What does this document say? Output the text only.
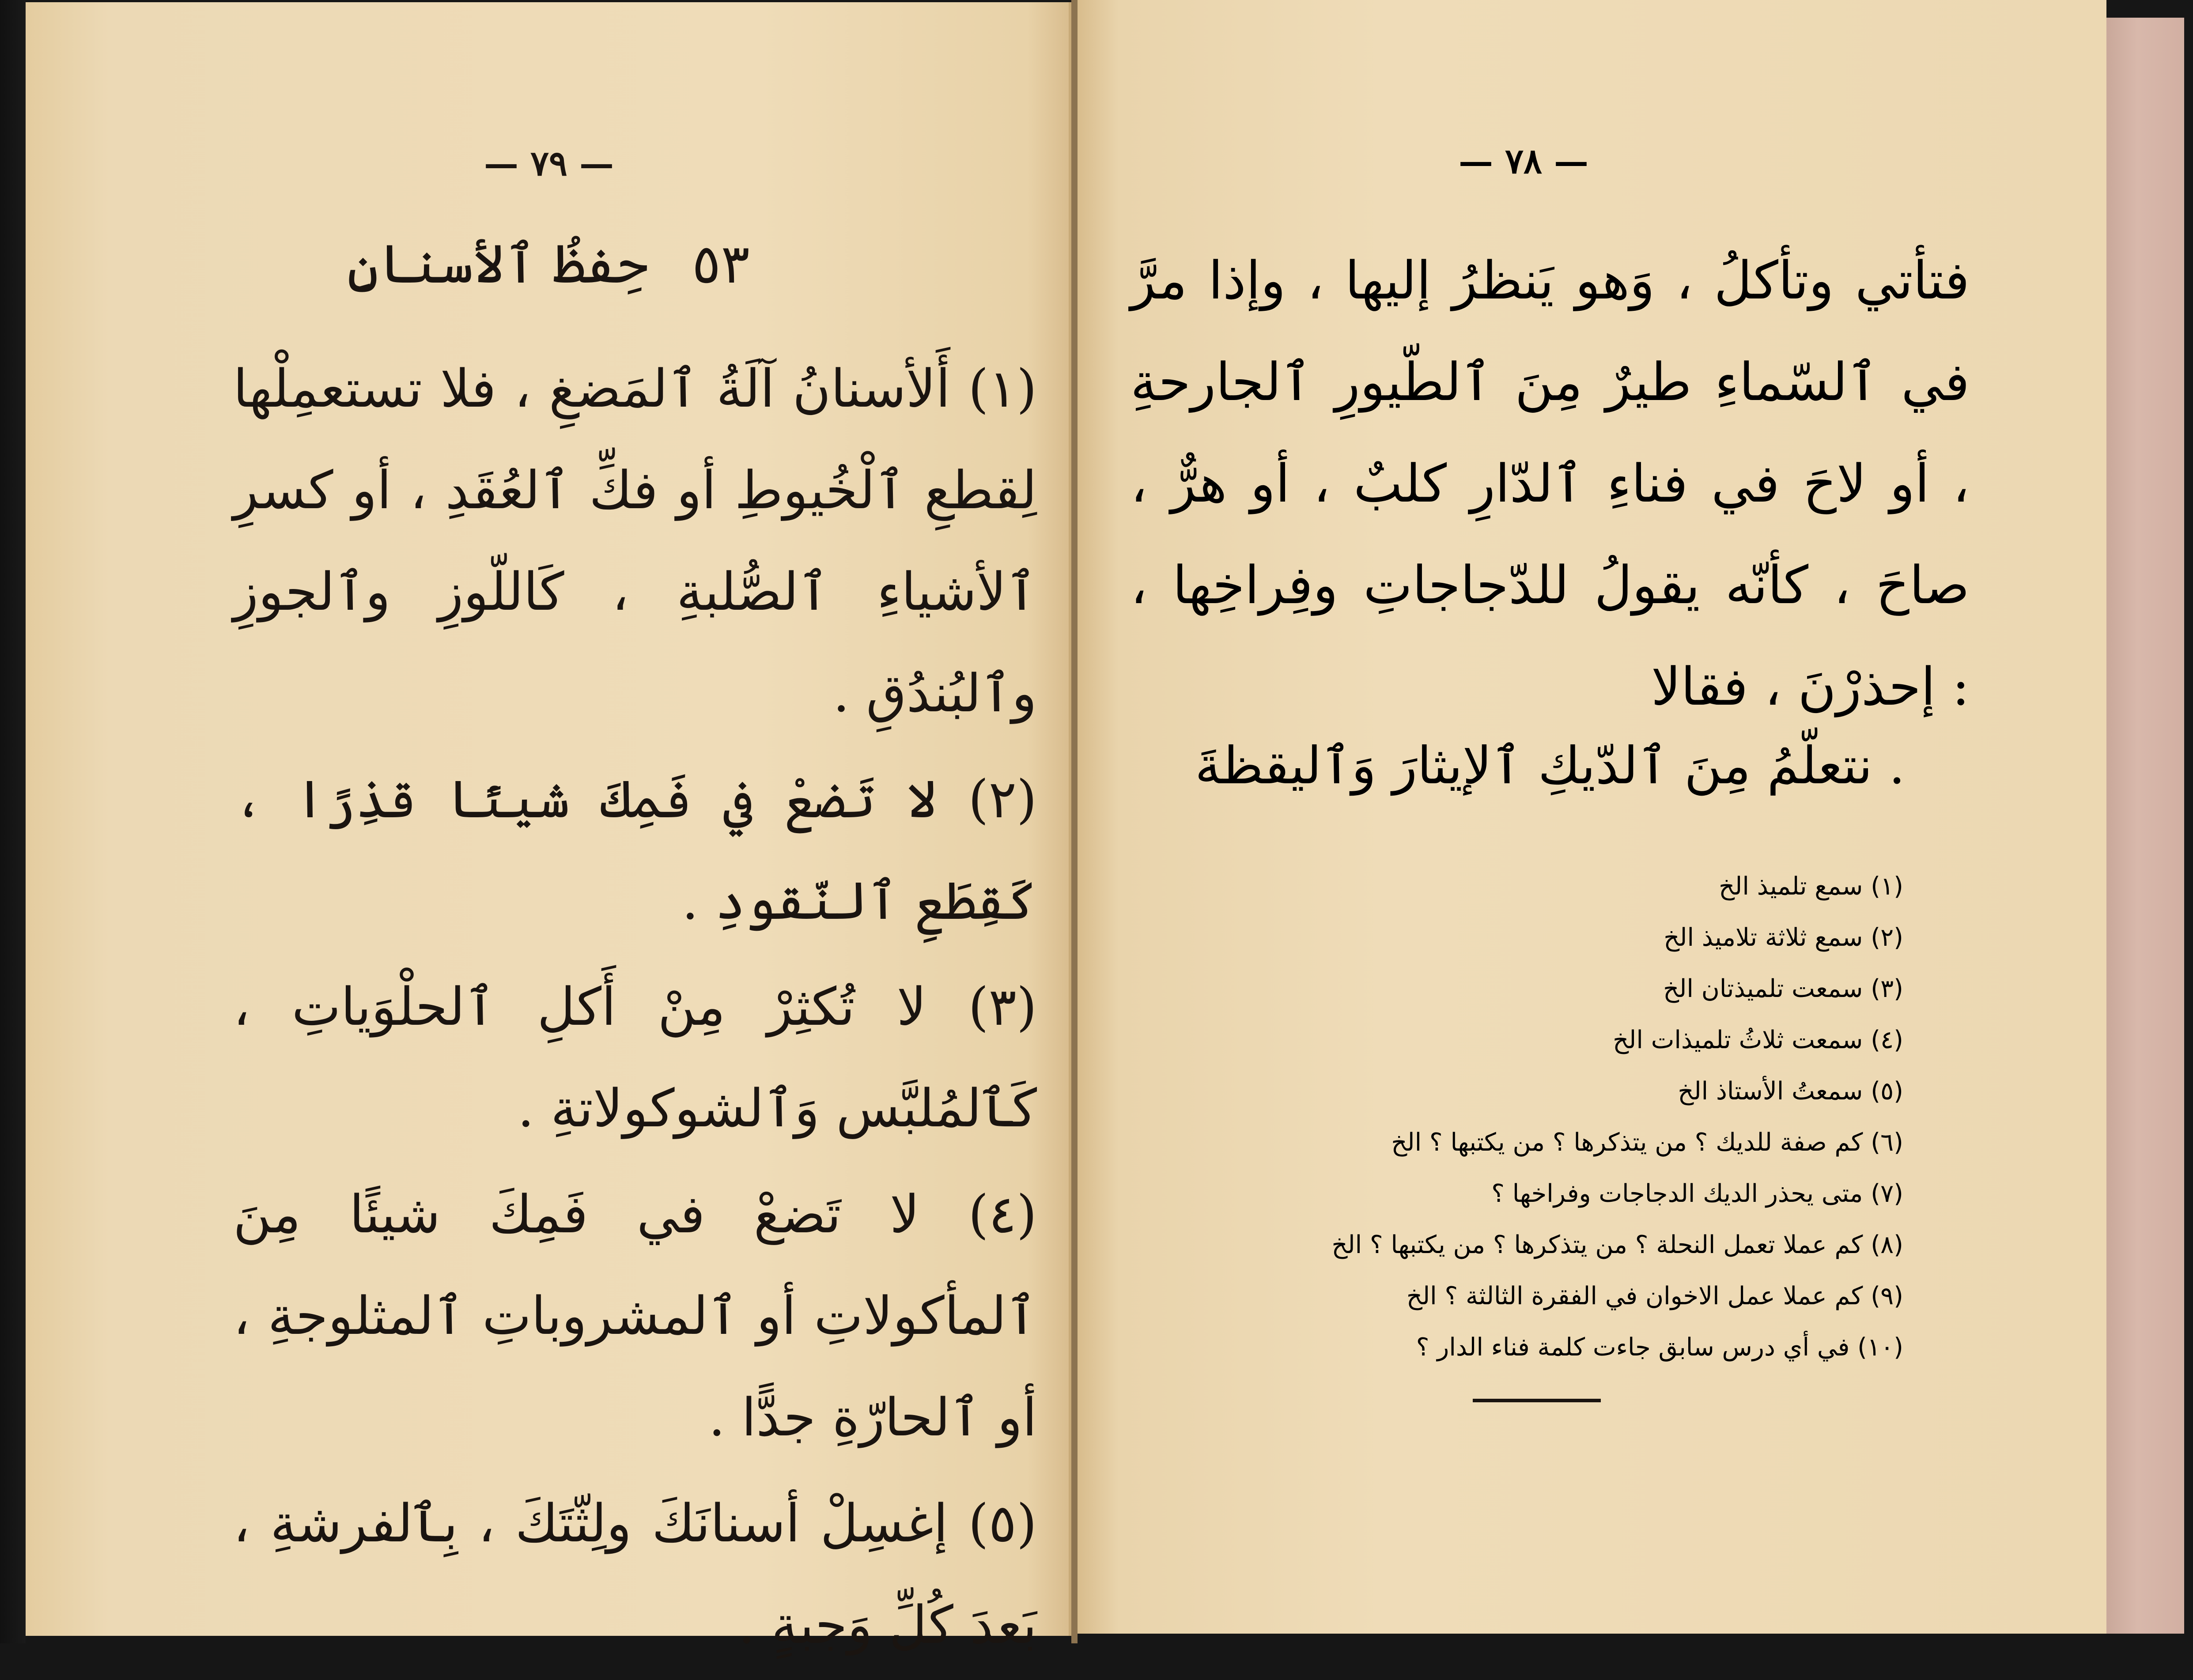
— ٧٩ —
٥٣ حِفظُ ٱلأسنانِ
(١) أَلأسنانُ آلَةُ ٱلمَضغِ ، فلا تستعمِلْها لِقطعِ ٱلْخُيوطِ أو فكِّ ٱلعُقَدِ ، أو كسرِ ٱلأشياءِ ٱلصُّلبةِ ، كَاللّوزِ وٱلجوزِ وٱلبُندُقِ .
(٢) لا تَضعْ في فَمِكَ شيئًا قذِرًا ، كَقِطَعِ ٱلنّقودِ .
(٣) لا تُكثِرْ مِنْ أَكلِ ٱلحلْوَياتِ ، كَٱلمُلبَّس وَٱلشوكولاتةِ .
(٤) لا تَضعْ في فَمِكَ شيئًا مِنَ ٱلمأكولاتِ أو ٱلمشروباتِ ٱلمثلوجةِ ، أو ٱلحارّةِ جدًّا .
(٥) إغسِلْ أسنانَكَ ولِثّتَكَ ، بِٱلفرشةِ ، بَعدَ كُلِّ وَجبةٍ .
— ٧٨ —
فتأتي وتأكلُ ، وَهو يَنظرُ إليها ، وإذا مرَّ في ٱلسّماءِ طيرٌ مِنَ ٱلطّيورِ ٱلجارحةِ ، أو لاحَ في فناءِ ٱلدّارِ كلبٌ ، أو هرٌّ ، صاحَ ، كأنّه يقولُ للدّجاجاتِ وفِراخِها ، إحذرْنَ ، فقالا :
نتعلّمُ مِنَ ٱلدّيكِ ٱلإيثارَ وَٱليقظةَ .
(١) سمع تلميذ الخ
(٢) سمع ثلاثة تلاميذ الخ
(٣) سمعت تلميذتان الخ
(٤) سمعت ثلاثُ تلميذات الخ
(٥) سمعتُ الأستاذ الخ
(٦) كم صفة للديك ؟ من يتذكرها ؟ من يكتبها ؟ الخ
(٧) متى يحذر الديك الدجاجات وفراخها ؟
(٨) كم عملا تعمل النحلة ؟ من يتذكرها ؟ من يكتبها ؟ الخ
(٩) كم عملا عمل الاخوان في الفقرة الثالثة ؟ الخ
(١٠) في أي درس سابق جاءت كلمة فناء الدار ؟
